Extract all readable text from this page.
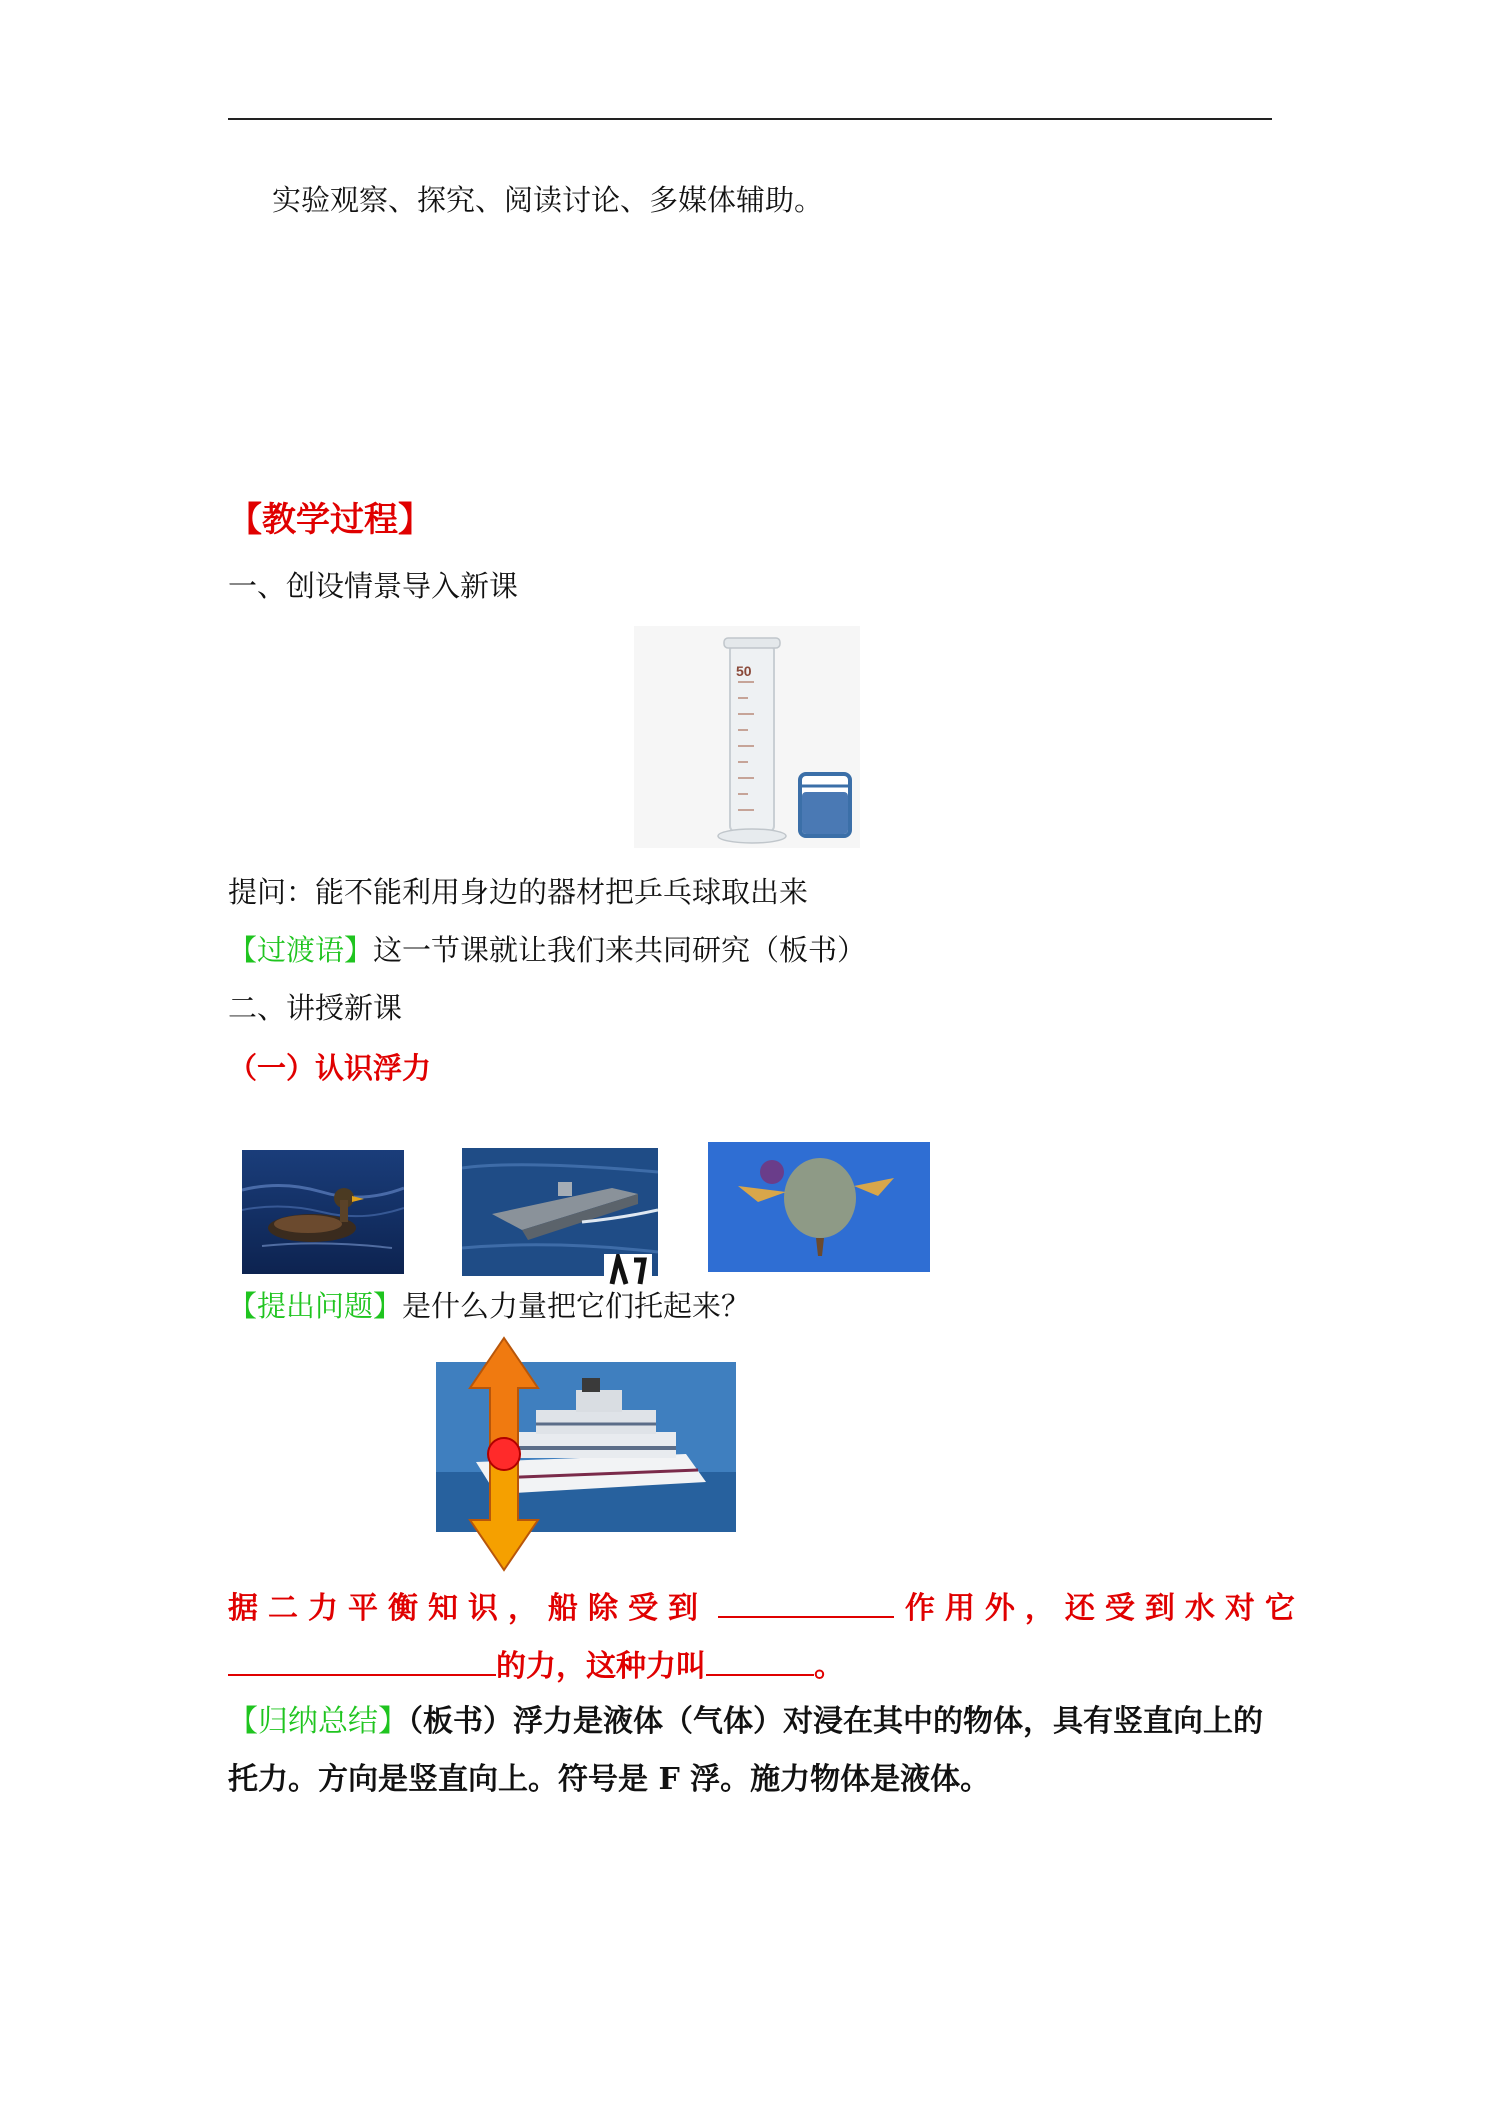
实验观察、探究、阅读讨论、多媒体辅助。
【教学过程】
一、创设情景导入新课
50
提问：能不能利用身边的器材把乒乓球取出来
【过渡语】这一节课就让我们来共同研究（板书）
二、讲授新课
（一）认识浮力
【提出问题】是什么力量把它们托起来？
据二力平衡知识，船除受到	作用外，还受到水对它
的力，这种力叫	。
【归纳总结】（板书）浮力是液体（气体）对浸在其中的物体，具有竖直向上的
托力。方向是竖直向上。符号是 F 浮。施力物体是液体。
